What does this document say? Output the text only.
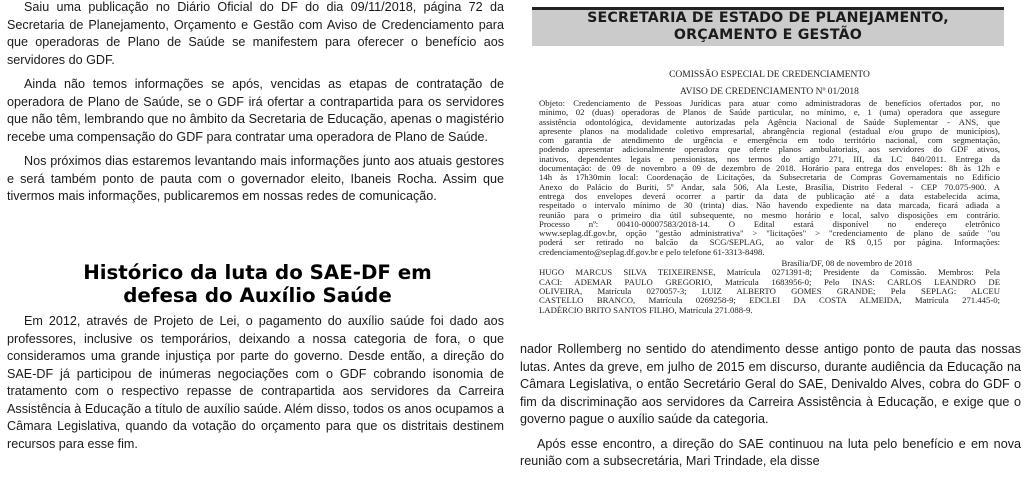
Saiu uma publicação no Diário Oficial do DF do dia 09/11/2018, página 72 da Secretaria de Planejamento, Orçamento e Gestão com Aviso de Credenciamento para que operadoras de Plano de Saúde se manifestem para oferecer o benefício aos servidores do GDF.

Ainda não temos informações se após, vencidas as etapas de contratação de operadora de Plano de Saúde, se o GDF irá ofertar a contrapartida para os servidores que não têm, lembrando que no âmbito da Secretaria de Educação, apenas o magistério recebe uma compensação do GDF para contratar uma operadora de Plano de Saúde.

Nos próximos dias estaremos levantando mais informações junto aos atuais gestores e será também ponto de pauta com o governador eleito, Ibaneis Rocha. Assim que tivermos mais informações, publicaremos em nossas redes de comunicação.

Histórico da luta do SAE-DF em
defesa do Auxílio Saúde

Em 2012, através de Projeto de Lei, o pagamento do auxílio saúde foi dado aos professores, inclusive os temporários, deixando a nossa categoria de fora, o que consideramos uma grande injustiça por parte do governo. Desde então, a direção do SAE-DF já participou de inúmeras negociações com o GDF cobrando isonomia de tratamento com o respectivo repasse de contrapartida aos servidores da Carreira Assistência à Educação a título de auxílio saúde. Além disso, todos os anos ocupamos a Câmara Legislativa, quando da votação do orçamento para que os distritais destinem recursos para esse fim.

SECRETARIA DE ESTADO DE PLANEJAMENTO,
ORÇAMENTO E GESTÃO

COMISSÃO ESPECIAL DE CREDENCIAMENTO

AVISO DE CREDENCIAMENTO Nº 01/2018

Objeto: Credenciamento de Pessoas Jurídicas para atuar como administradoras de benefícios ofertados por, no
mínimo, 02 (duas) operadoras de Planos de Saúde particular, no mínimo, e, 1 (uma) operadora que assegure
assistência odontológica, devidamente autorizadas pela Agência Nacional de Saúde Suplementar - ANS, que
apresente planos na modalidade coletivo empresarial, abrangência regional (estadual e/ou grupo de municípios),
com garantia de atendimento de urgência e emergência em todo território nacional, com segmentação,
podendo apresentar adicionalmente operadora que oferte planos ambulatoriais, aos servidores do GDF ativos,
inativos, dependentes legais e pensionistas, nos termos do artigo 271, III, da LC 840/2011. Entrega da
documentação: de 09 de novembro a 09 de dezembro de 2018. Horário para entrega dos envelopes: 8h às 12h e
14h às 17h30min local: Coordenação de Licitações, da Subsecretaria de Compras Governamentais no Edifício
Anexo do Palácio do Buriti, 5º Andar, sala 506, Ala Leste, Brasília, Distrito Federal - CEP 70.075-900. A
entrega dos envelopes deverá ocorrer a partir da data de publicação até a data estabelecida acima,
respeitado o intervalo mínimo de 30 (trinta) dias. Não havendo expediente na data marcada, ficará adiada a
reunião para o primeiro dia útil subsequente, no mesmo horário e local, salvo disposições em contrário.
Processo nº: 00410-00007583/2018-14. O Edital estará disponível no endereço eletrônico
www.seplag.df.gov.br, opção "gestão administrativa" > "licitações" > "credenciamento de plano de saúde "ou
poderá ser retirado no balcão da SCG/SEPLAG, ao valor de R$ 0,15 por página. Informações:
credenciamento@seplag.df.gov.br e pelo telefone 61-3313-8498.
Brasília/DF, 08 de novembro de 2018
HUGO MARCUS SILVA TEIXEIRENSE, Matrícula 0271391-8; Presidente da Comissão. Membros: Pela
CACI: ADEMAR PAULO GREGORIO, Matrícula 1683956-0; Pelo INAS: CARLOS LEANDRO DE
OLIVEIRA, Matrícula 0270057-3; LUIZ ALBERTO GOMES GRANDE; Pela SEPLAG: ALCEU
CASTELLO BRANCO, Matrícula 0269258-9; EDCLEI DA COSTA ALMEIDA, Matrícula 271.445-0;
LADÉRCIO BRITO SANTOS FILHO, Matrícula 271.088-9.

nador Rollemberg no sentido do atendimento desse antigo ponto de pauta das nossas lutas. Antes da greve, em julho de 2015 em discurso, durante audiência da Educação na Câmara Legislativa, o então Secretário Geral do SAE, Denivaldo Alves, cobra do GDF o fim da discriminação aos servidores da Carreira Assistência à Educação, e exige que o governo pague o auxílio saúde da categoria.

Após esse encontro, a direção do SAE continuou na luta pelo benefício e em nova reunião com a subsecretária, Mari Trindade, ela disse
